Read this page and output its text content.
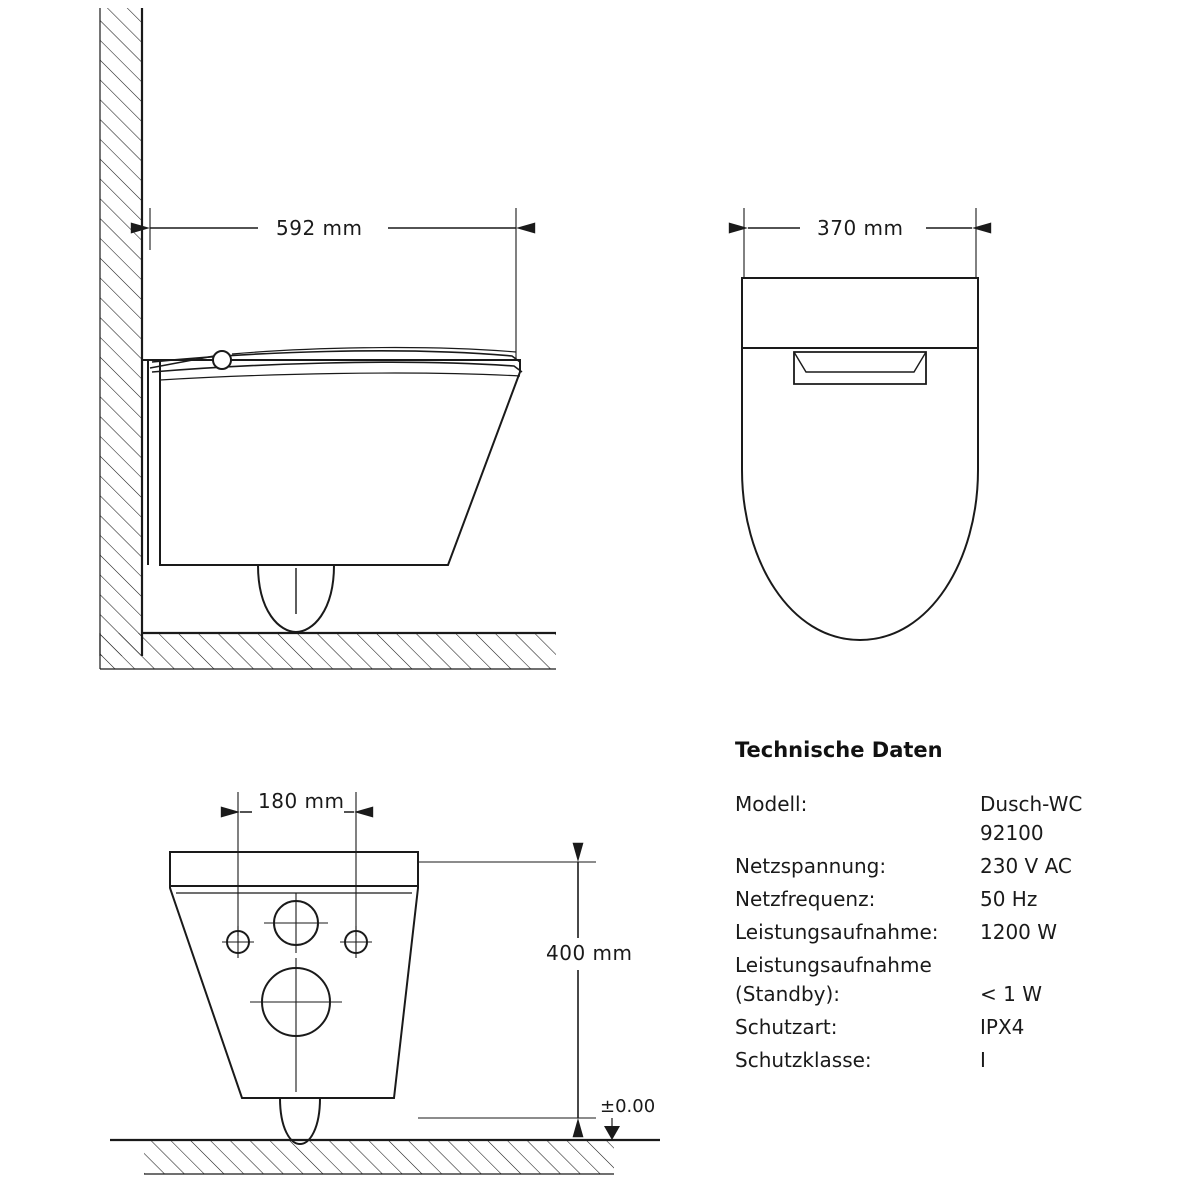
592 mm	370 mm
180 mm
400 mm
±0.00
Technische Daten
Modell:	Dusch-WC
92100
Netzspannung:	230 V AC
Netzfrequenz:	50 Hz
Leistungsaufnahme:	1200 W
Leistungsaufnahme
(Standby):	< 1 W
Schutzart:	IPX4
Schutzklasse:	I
